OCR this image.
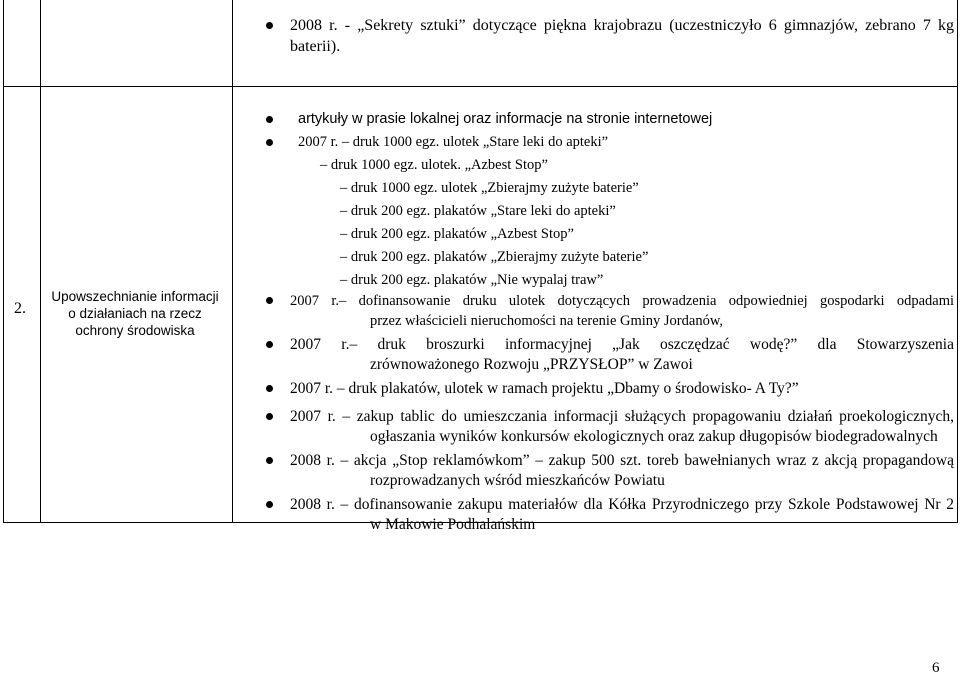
2008 r. - „Sekrety sztuki” dotyczące piękna krajobrazu (uczestniczyło 6 gimnazjów, zebrano 7 kg
baterii).
2.
Upowszechnianie informacji
o działaniach na rzecz
ochrony środowiska
artykuły w prasie lokalnej oraz informacje na stronie internetowej
2007 r. – druk 1000 egz. ulotek „Stare leki do apteki”
– druk 1000 egz. ulotek. „Azbest Stop”
– druk 1000 egz. ulotek „Zbierajmy zużyte baterie”
– druk 200 egz. plakatów „Stare leki do apteki”
– druk 200 egz. plakatów „Azbest Stop”
– druk 200 egz. plakatów „Zbierajmy zużyte baterie”
– druk 200 egz. plakatów „Nie wypalaj traw”
2007 r.– dofinansowanie druku ulotek dotyczących prowadzenia odpowiedniej gospodarki odpadami
przez właścicieli nieruchomości na terenie Gminy Jordanów,
2007 r.– druk broszurki informacyjnej „Jak oszczędzać wodę?” dla Stowarzyszenia
zrównoważonego Rozwoju „PRZYSŁOP” w Zawoi
2007 r. – druk plakatów, ulotek w ramach projektu „Dbamy o środowisko- A Ty?”
2007 r. – zakup tablic do umieszczania informacji służących propagowaniu działań proekologicznych,
ogłaszania wyników konkursów ekologicznych oraz zakup długopisów biodegradowalnych
2008 r. – akcja „Stop reklamówkom” – zakup 500 szt. toreb bawełnianych wraz z akcją propagandową
rozprowadzanych wśród mieszkańców Powiatu
2008 r. – dofinansowanie zakupu materiałów dla Kółka Przyrodniczego przy Szkole Podstawowej Nr 2
w Makowie Podhalańskim
6
